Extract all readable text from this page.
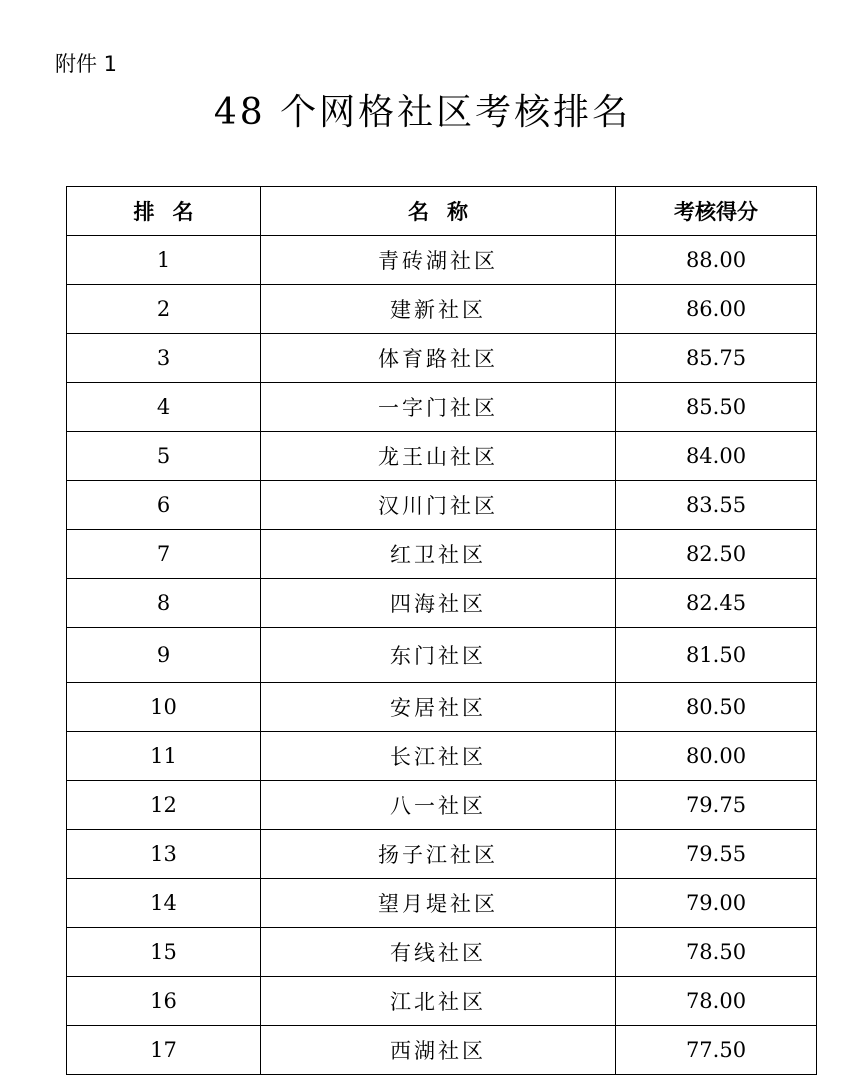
附件 1
48 个网格社区考核排名
排名	名称	考核得分
1	青砖湖社区	88.00
2	建新社区	86.00
3	体育路社区	85.75
4	一字门社区	85.50
5	龙王山社区	84.00
6	汉川门社区	83.55
7	红卫社区	82.50
8	四海社区	82.45
9	东门社区	81.50
10	安居社区	80.50
11	长江社区	80.00
12	八一社区	79.75
13	扬子江社区	79.55
14	望月堤社区	79.00
15	有线社区	78.50
16	江北社区	78.00
17	西湖社区	77.50
